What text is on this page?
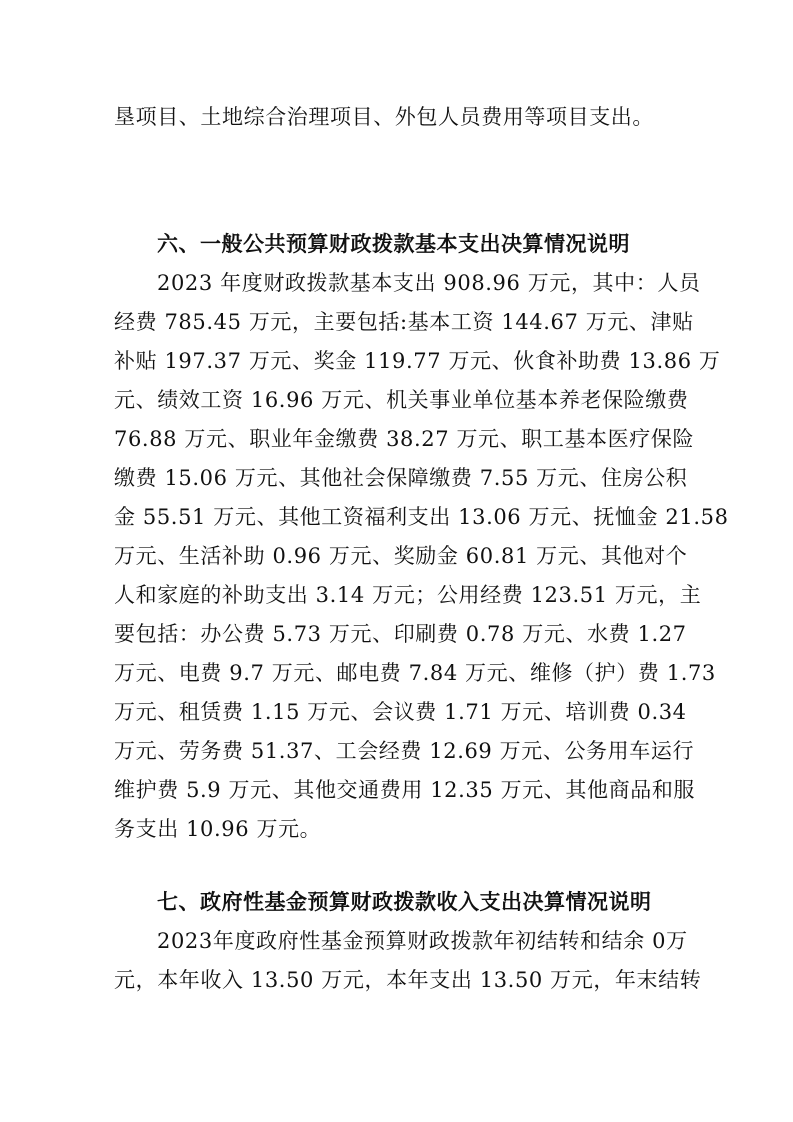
垦项目、土地综合治理项目、外包人员费用等项目支出。
六、一般公共预算财政拨款基本支出决算情况说明
2023 年度财政拨款基本支出 908.96 万元，其中：人员
经费 785.45 万元，主要包括:基本工资 144.67 万元、津贴
补贴 197.37 万元、奖金 119.77 万元、伙食补助费 13.86 万
元、绩效工资 16.96 万元、机关事业单位基本养老保险缴费
76.88 万元、职业年金缴费 38.27 万元、职工基本医疗保险
缴费 15.06 万元、其他社会保障缴费 7.55 万元、住房公积
金 55.51 万元、其他工资福利支出 13.06 万元、抚恤金 21.58
万元、生活补助 0.96 万元、奖励金 60.81 万元、其他对个
人和家庭的补助支出 3.14 万元；公用经费 123.51 万元，主
要包括：办公费 5.73 万元、印刷费 0.78 万元、水费 1.27
万元、电费 9.7 万元、邮电费 7.84 万元、维修（护）费 1.73
万元、租赁费 1.15 万元、会议费 1.71 万元、培训费 0.34
万元、劳务费 51.37、工会经费 12.69 万元、公务用车运行
维护费 5.9 万元、其他交通费用 12.35 万元、其他商品和服
务支出 10.96 万元。
七、政府性基金预算财政拨款收入支出决算情况说明
2023年度政府性基金预算财政拨款年初结转和结余 0万
元，本年收入 13.50 万元，本年支出 13.50 万元，年末结转
